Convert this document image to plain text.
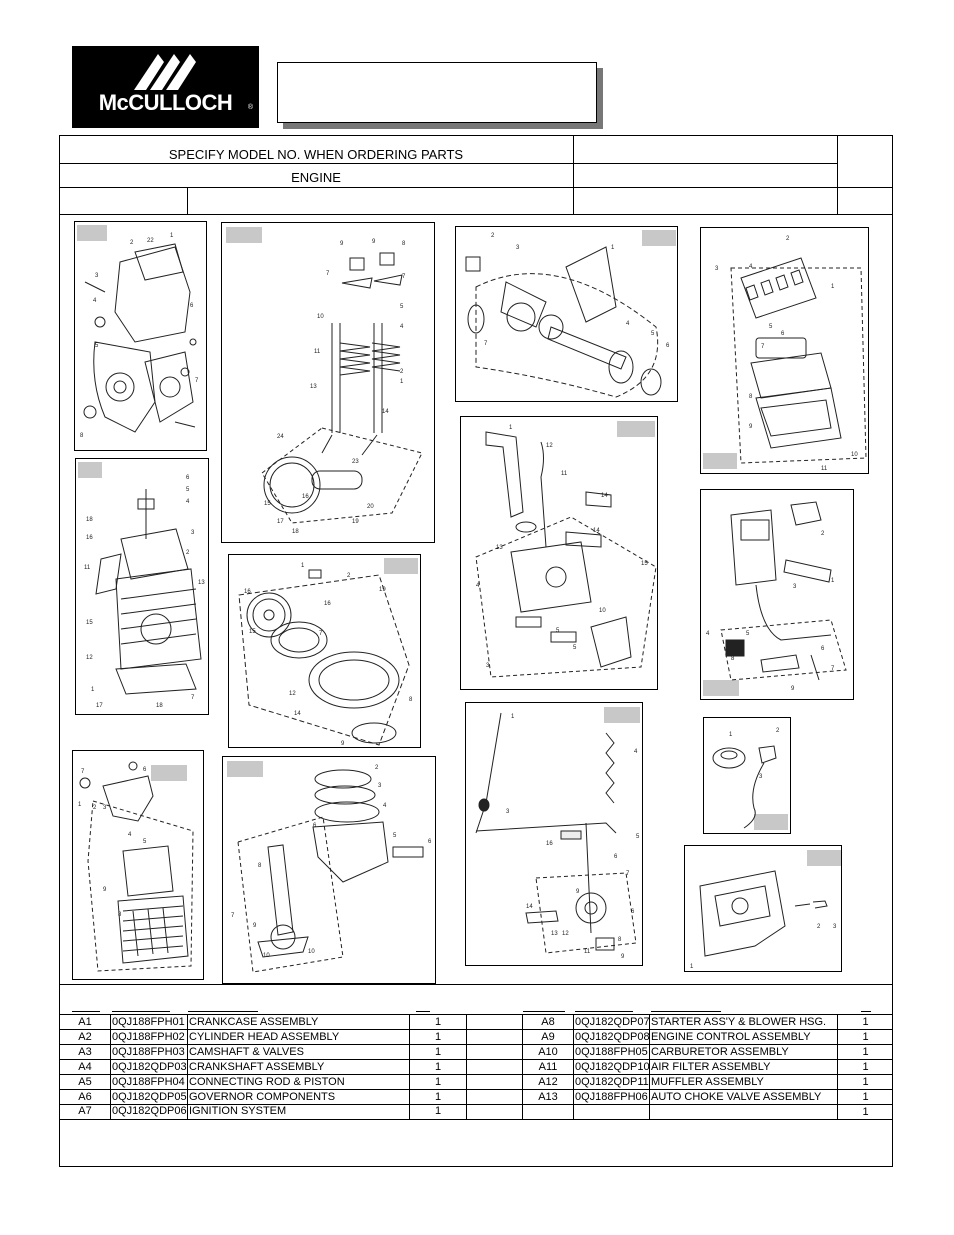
McCULLOCH	®
SPECIFY MODEL NO. WHEN ORDERING PARTS
ENGINE
2 22
1
3
4
5
6
7
8
9	9	8
7	7
5
4
2
1
10
11
13
14
24
23
15
16
17
18
19
20
2
3	1
4
5
6
7
2
3	4
1
5
6
7
8
9
10
11
6
5
4
3
2
18
16
11
13
15
12
1
17	18
7
1
2
19
16
15
16
7
8
9
12
14
1
12
11
14
14
15
13
10
4
5
5
3
2
3
1
4	5
6
8
7
9
7	6
1 2 3
4
5
9
8
2
3
4
5
6
6
8
7
9
10
10
1
4
3
16
5
6
7
9
14
13 12
11
8
9
6
1
2
3
1
2 3
A1	0QJ188FPH01 CRANKCASE ASSEMBLY	1
A2	0QJ188FPH02 CYLINDER HEAD ASSEMBLY	1
A3	0QJ188FPH03 CAMSHAFT & VALVES	1
A4	0QJ182QDP03 CRANKSHAFT ASSEMBLY	1
A5	0QJ188FPH04 CONNECTING ROD & PISTON	1
A6	0QJ182QDP05 GOVERNOR COMPONENTS	1
A7	0QJ182QDP06 IGNITION SYSTEM	1
A8	0QJ182QDP07 STARTER ASS'Y & BLOWER HSG.	1
A9	0QJ182QDP08 ENGINE CONTROL ASSEMBLY	1
A10	0QJ188FPH05 CARBURETOR ASSEMBLY	1
A11	0QJ182QDP10 AIR FILTER ASSEMBLY	1
A12	0QJ182QDP11 MUFFLER ASSEMBLY	1
A13	0QJ188FPH06 AUTO CHOKE VALVE ASSEMBLY	1
1
